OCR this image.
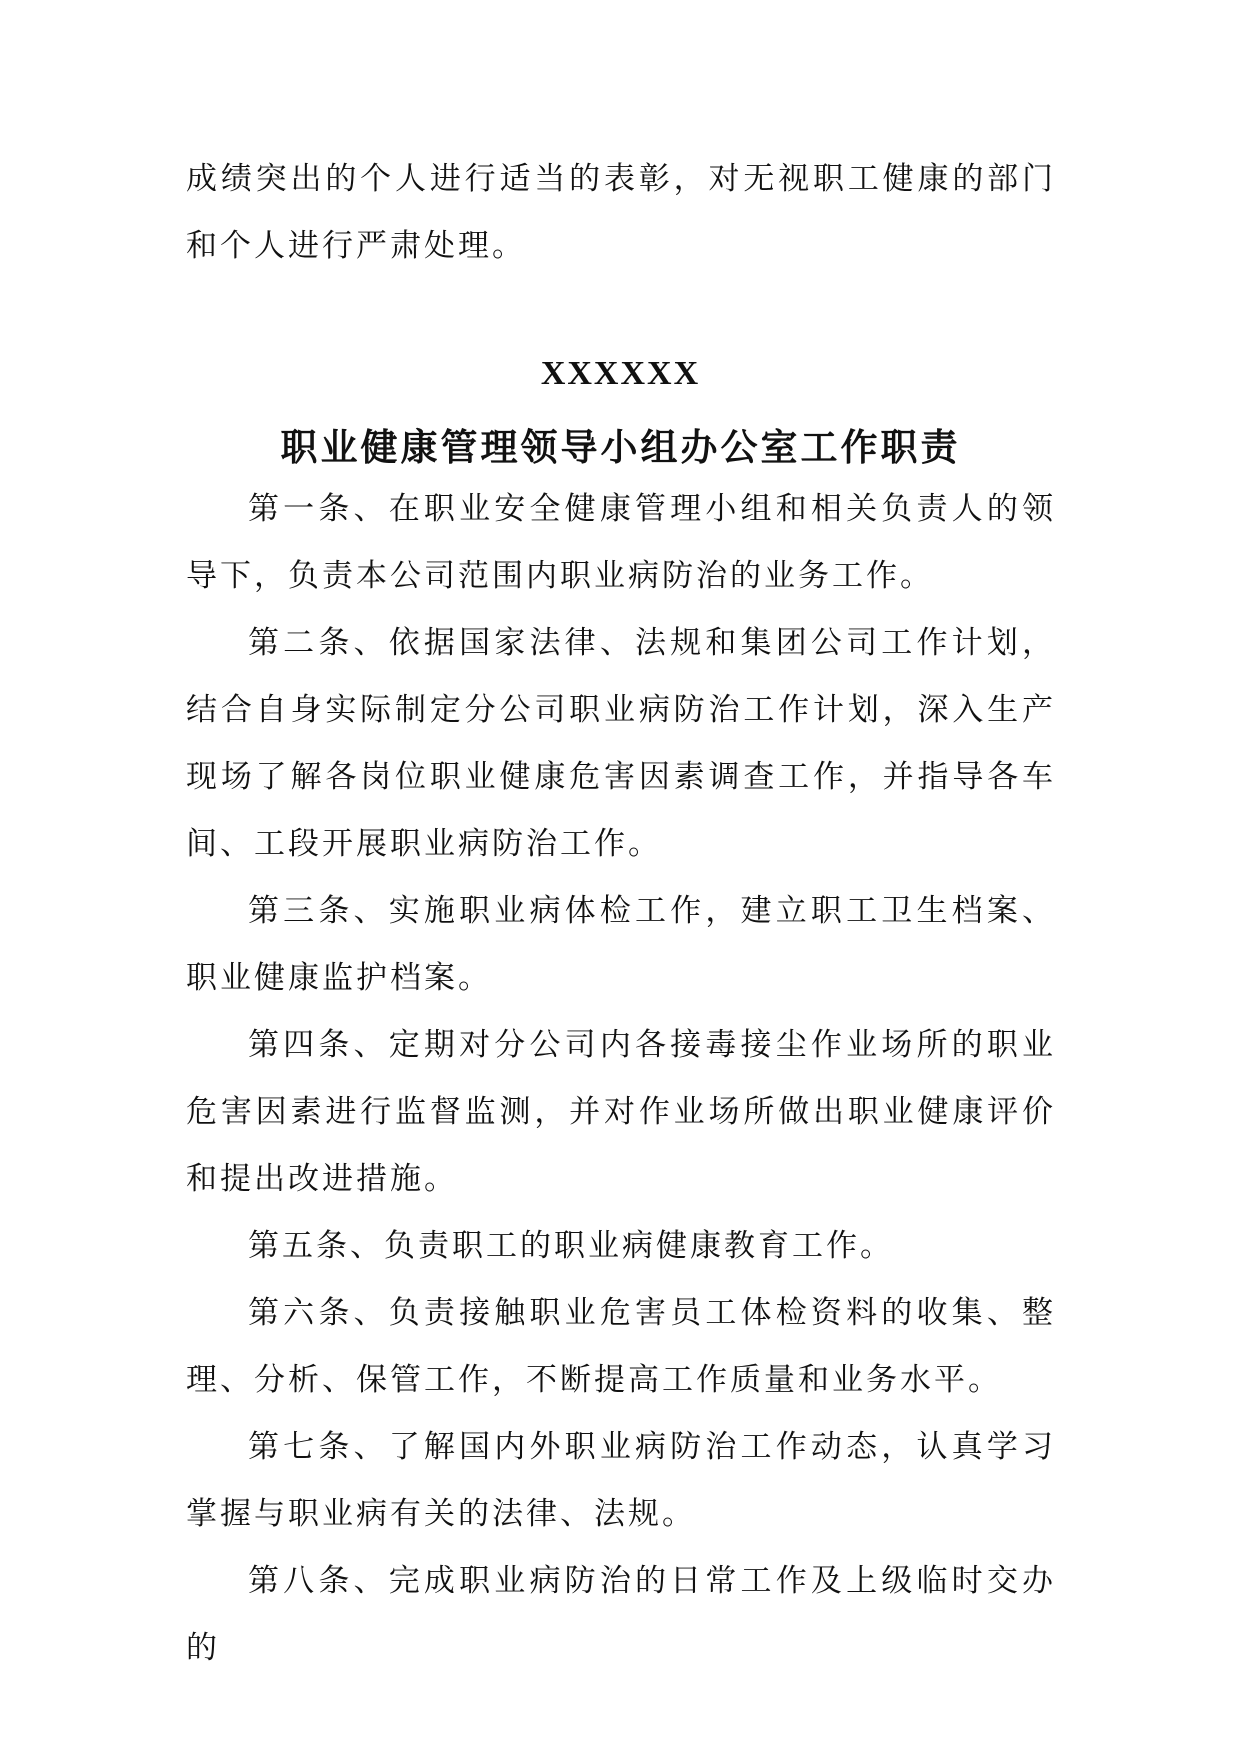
成绩突出的个人进行适当的表彰，对无视职工健康的部门和个人进行严肃处理。

XXXXXX
职业健康管理领导小组办公室工作职责

第一条、在职业安全健康管理小组和相关负责人的领导下，负责本公司范围内职业病防治的业务工作。

第二条、依据国家法律、法规和集团公司工作计划，结合自身实际制定分公司职业病防治工作计划，深入生产现场了解各岗位职业健康危害因素调查工作，并指导各车间、工段开展职业病防治工作。

第三条、实施职业病体检工作，建立职工卫生档案、职业健康监护档案。

第四条、定期对分公司内各接毒接尘作业场所的职业危害因素进行监督监测，并对作业场所做出职业健康评价和提出改进措施。

第五条、负责职工的职业病健康教育工作。

第六条、负责接触职业危害员工体检资料的收集、整理、分析、保管工作，不断提高工作质量和业务水平。

第七条、了解国内外职业病防治工作动态，认真学习掌握与职业病有关的法律、法规。

第八条、完成职业病防治的日常工作及上级临时交办的
